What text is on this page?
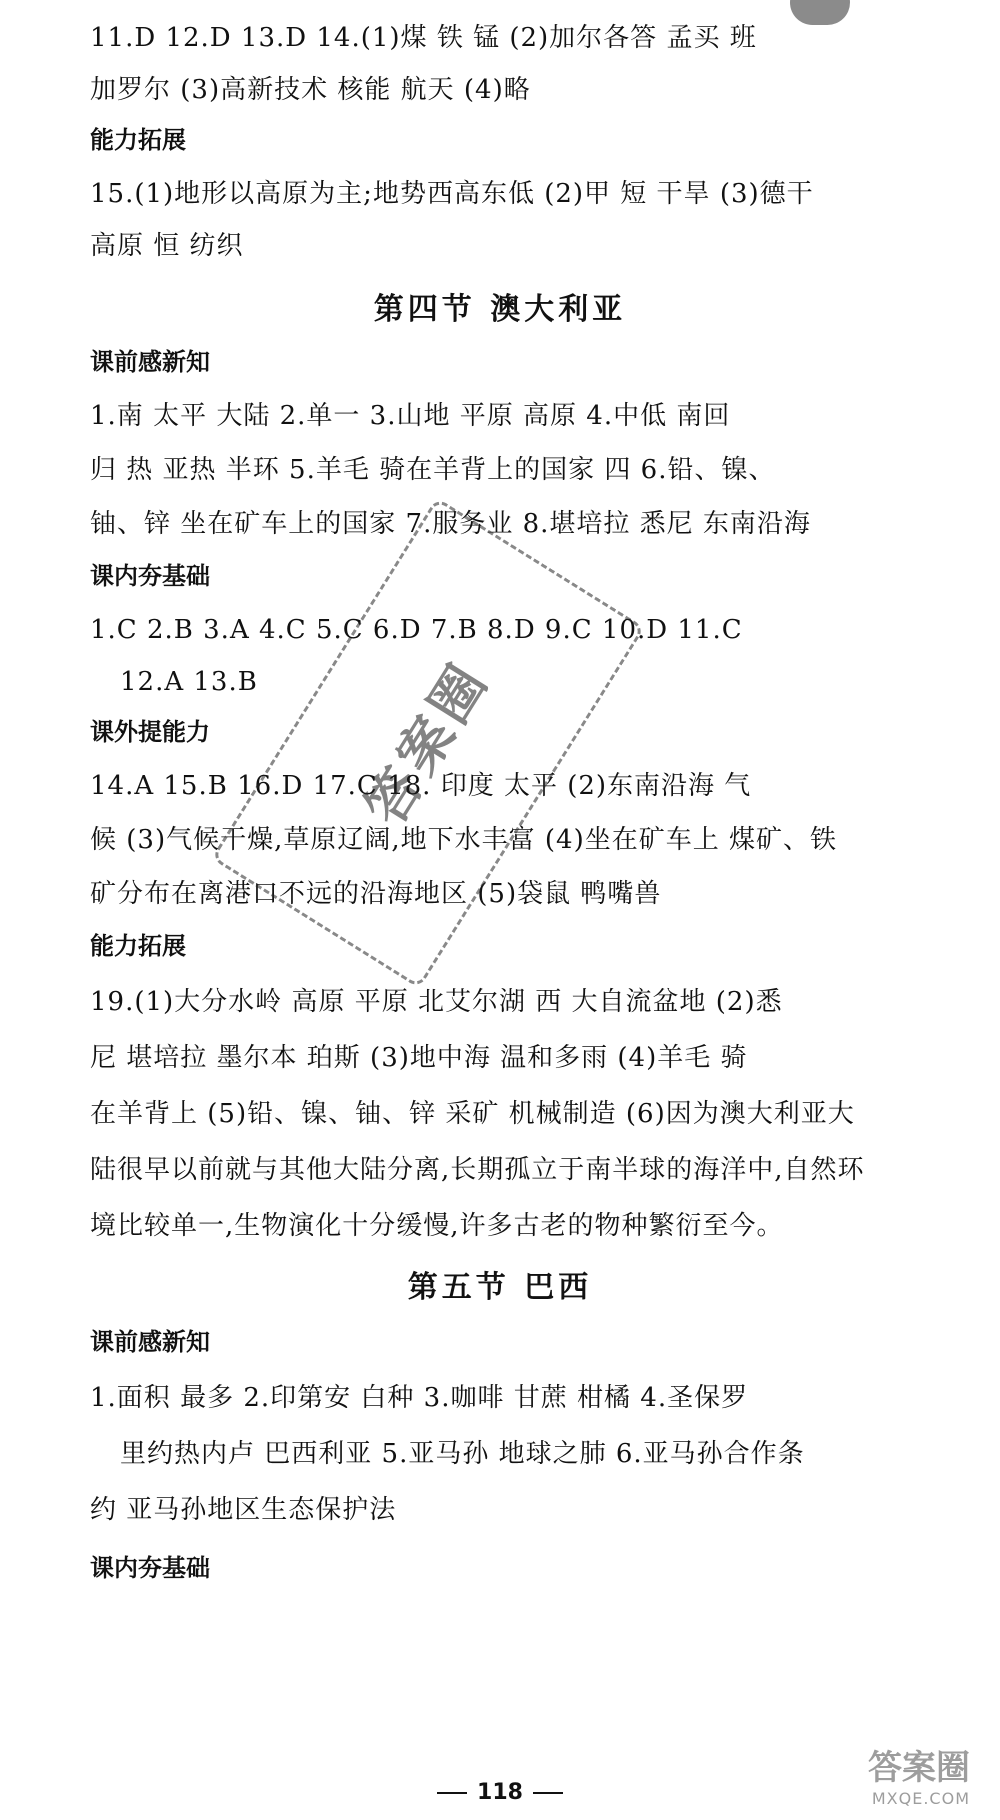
11.D 12.D 13.D 14.(1)煤 铁 锰 (2)加尔各答 孟买 班
加罗尔 (3)高新技术 核能 航天 (4)略
能力拓展
15.(1)地形以高原为主;地势西高东低 (2)甲 短 干旱 (3)德干
高原 恒 纺织
第四节 澳大利亚
课前感新知
1.南 太平 大陆 2.单一 3.山地 平原 高原 4.中低 南回
归 热 亚热 半环 5.羊毛 骑在羊背上的国家 四 6.铅、镍、
铀、锌 坐在矿车上的国家 7.服务业 8.堪培拉 悉尼 东南沿海
课内夯基础
1.C 2.B 3.A 4.C 5.C 6.D 7.B 8.D 9.C 10.D 11.C
12.A 13.B
课外提能力
14.A 15.B 16.D 17.C 18. 印度 太平 (2)东南沿海 气
候 (3)气候干燥,草原辽阔,地下水丰富 (4)坐在矿车上 煤矿、铁
矿分布在离港口不远的沿海地区 (5)袋鼠 鸭嘴兽
能力拓展
19.(1)大分水岭 高原 平原 北艾尔湖 西 大自流盆地 (2)悉
尼 堪培拉 墨尔本 珀斯 (3)地中海 温和多雨 (4)羊毛 骑
在羊背上 (5)铅、镍、铀、锌 采矿 机械制造 (6)因为澳大利亚大
陆很早以前就与其他大陆分离,长期孤立于南半球的海洋中,自然环
境比较单一,生物演化十分缓慢,许多古老的物种繁衍至今。
第五节 巴西
课前感新知
1.面积 最多 2.印第安 白种 3.咖啡 甘蔗 柑橘 4.圣保罗
里约热内卢 巴西利亚 5.亚马孙 地球之肺 6.亚马孙合作条
约 亚马孙地区生态保护法
课内夯基础
答案圈
118
答案圈
MXQE.COM
